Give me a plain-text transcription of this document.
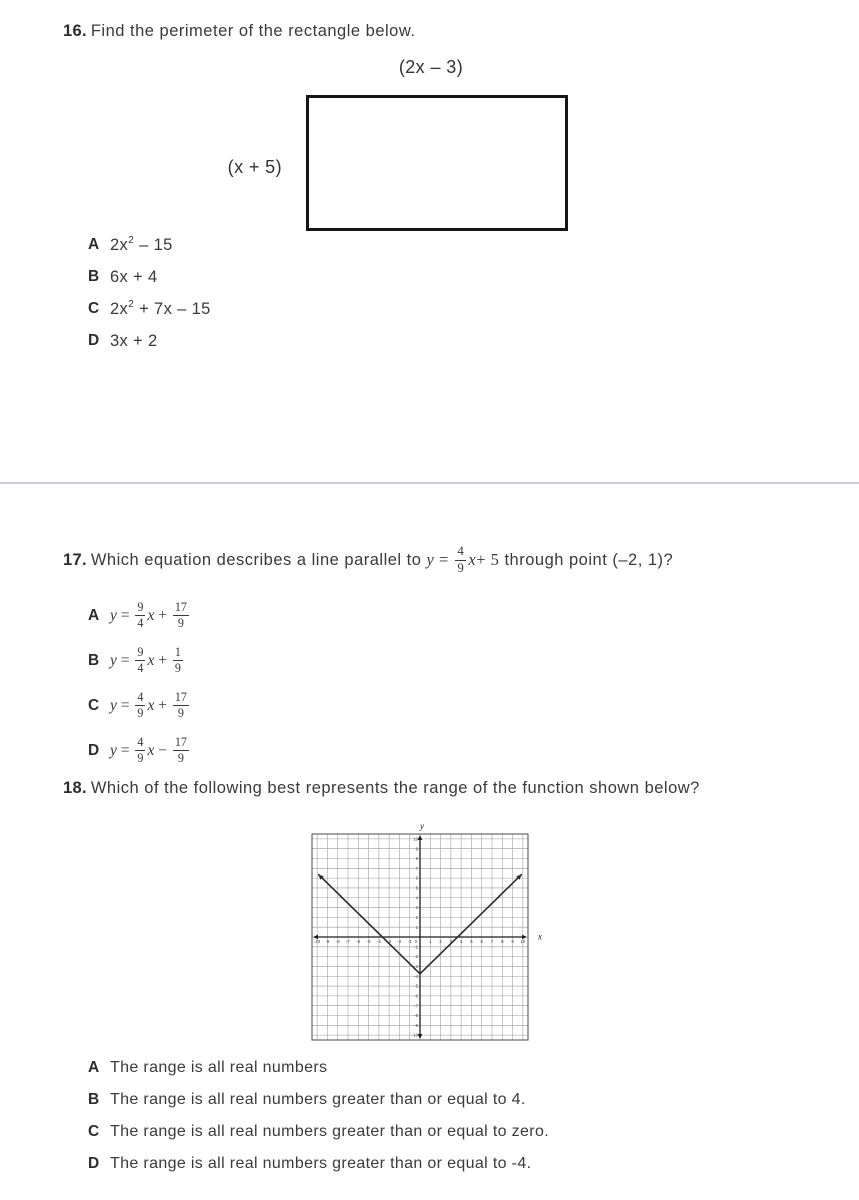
16. Find the perimeter of the rectangle below.
(2x – 3)
(x + 5)
A 2x 2 – 15
B 6x + 4
C 2x 2 + 7x – 15
D 3x + 2
17. Which equation describes a line parallel to $y = \frac{4}{9}$ x + 5 through point (–2, 1)?
A $y = \frac{9}{4}$ $x + \frac{17}{9}$
B $y = \frac{9}{4}$ $x + \frac{1}{9}$
C $y = \frac{4}{9}$ $x + \frac{17}{9}$
D $y = \frac{4}{9}$ $x - \frac{17}{9}$
18. Which of the following best represents the range of the function shown below?
-10
-10
-9
-9
-8
-8
-7
-7
-6
-6
-5
-5
-4
-4
-3
-3
-2
-2
-1
-1
1
1
2
2
3
3
4
4
5
5
6
6
7
7
8
8
9
9
10
10
0	x
y
A The range is all real numbers
B The range is all real numbers greater than or equal to 4.
C The range is all real numbers greater than or equal to zero.
D The range is all real numbers greater than or equal to -4.
